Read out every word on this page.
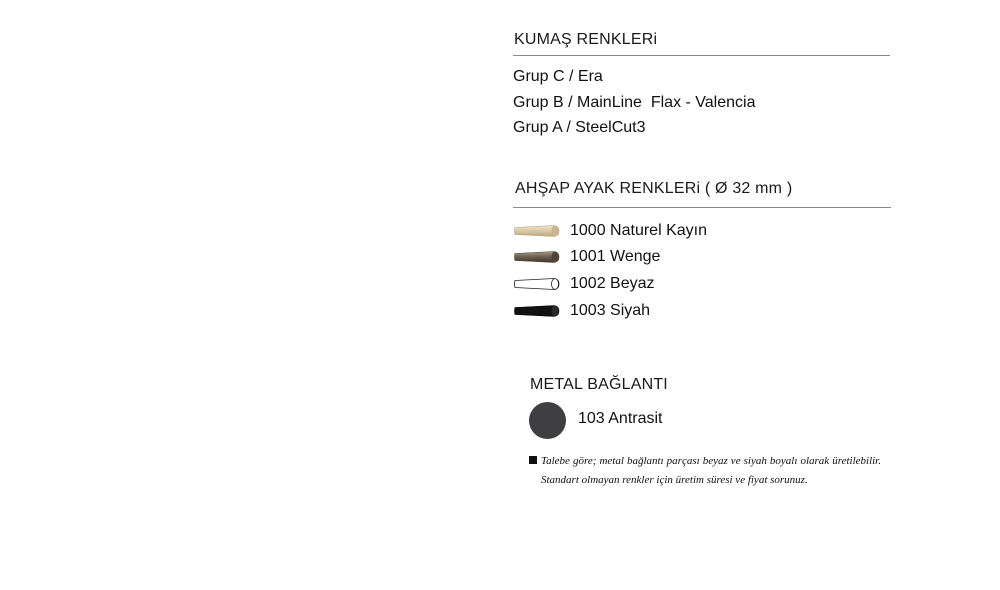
KUMAŞ RENKLERi
Grup C / Era
Grup B / MainLine  Flax - Valencia
Grup A / SteelCut3
AHŞAP AYAK RENKLERi ( Ø 32 mm )
1000 Naturel Kayın
1001 Wenge
1002 Beyaz
1003 Siyah
METAL BAĞLANTI
103 Antrasit
Talebe göre; metal bağlantı parçası beyaz ve siyah boyalı olarak üretilebilir. Standart olmayan renkler için üretim süresi ve fiyat sorunuz.
